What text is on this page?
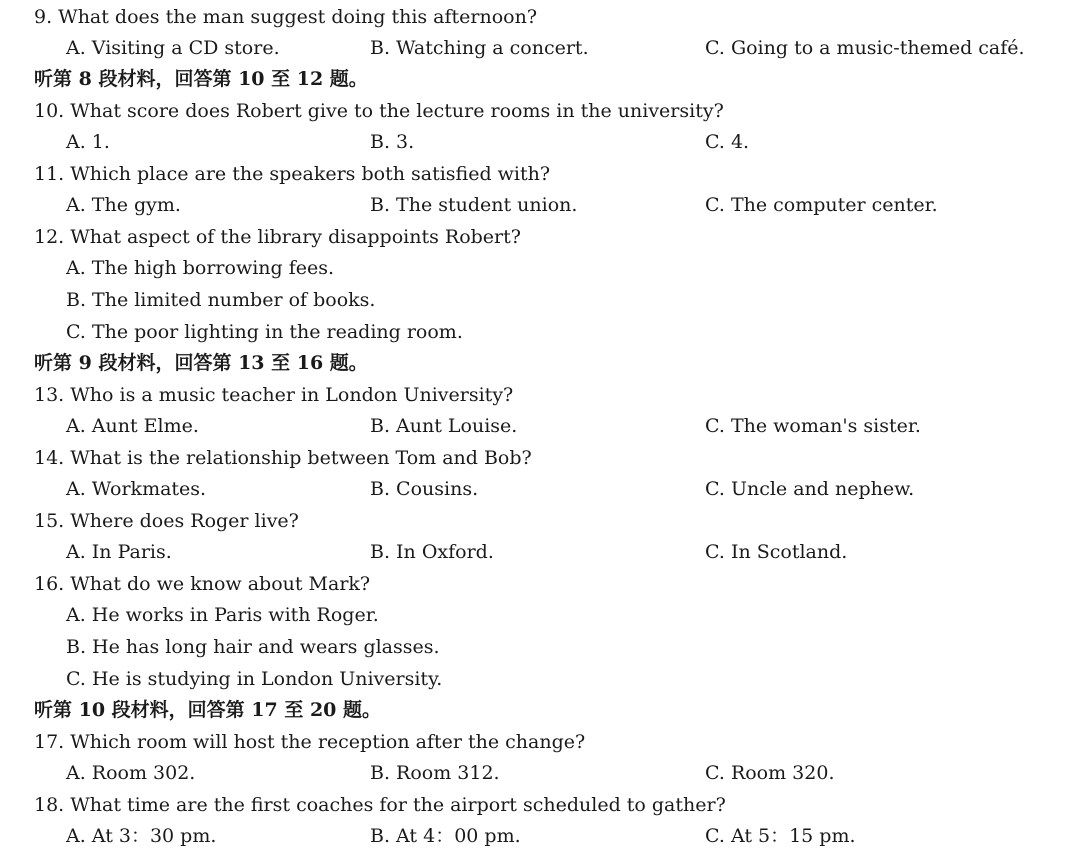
9. What does the man suggest doing this afternoon?
A. Visiting a CD store.	B. Watching a concert.	C. Going to a music-themed café.
听第 8 段材料，回答第 10 至 12 题。
10. What score does Robert give to the lecture rooms in the university?
A. 1.	B. 3.	C. 4.
11. Which place are the speakers both satisfied with?
A. The gym.	B. The student union.	C. The computer center.
12. What aspect of the library disappoints Robert?
A. The high borrowing fees.
B. The limited number of books.
C. The poor lighting in the reading room.
听第 9 段材料，回答第 13 至 16 题。
13. Who is a music teacher in London University?
A. Aunt Elme.	B. Aunt Louise.	C. The woman's sister.
14. What is the relationship between Tom and Bob?
A. Workmates.	B. Cousins.	C. Uncle and nephew.
15. Where does Roger live?
A. In Paris.	B. In Oxford.	C. In Scotland.
16. What do we know about Mark?
A. He works in Paris with Roger.
B. He has long hair and wears glasses.
C. He is studying in London University.
听第 10 段材料，回答第 17 至 20 题。
17. Which room will host the reception after the change?
A. Room 302.	B. Room 312.	C. Room 320.
18. What time are the first coaches for the airport scheduled to gather?
A. At 3：30 pm.	B. At 4：00 pm.	C. At 5：15 pm.
